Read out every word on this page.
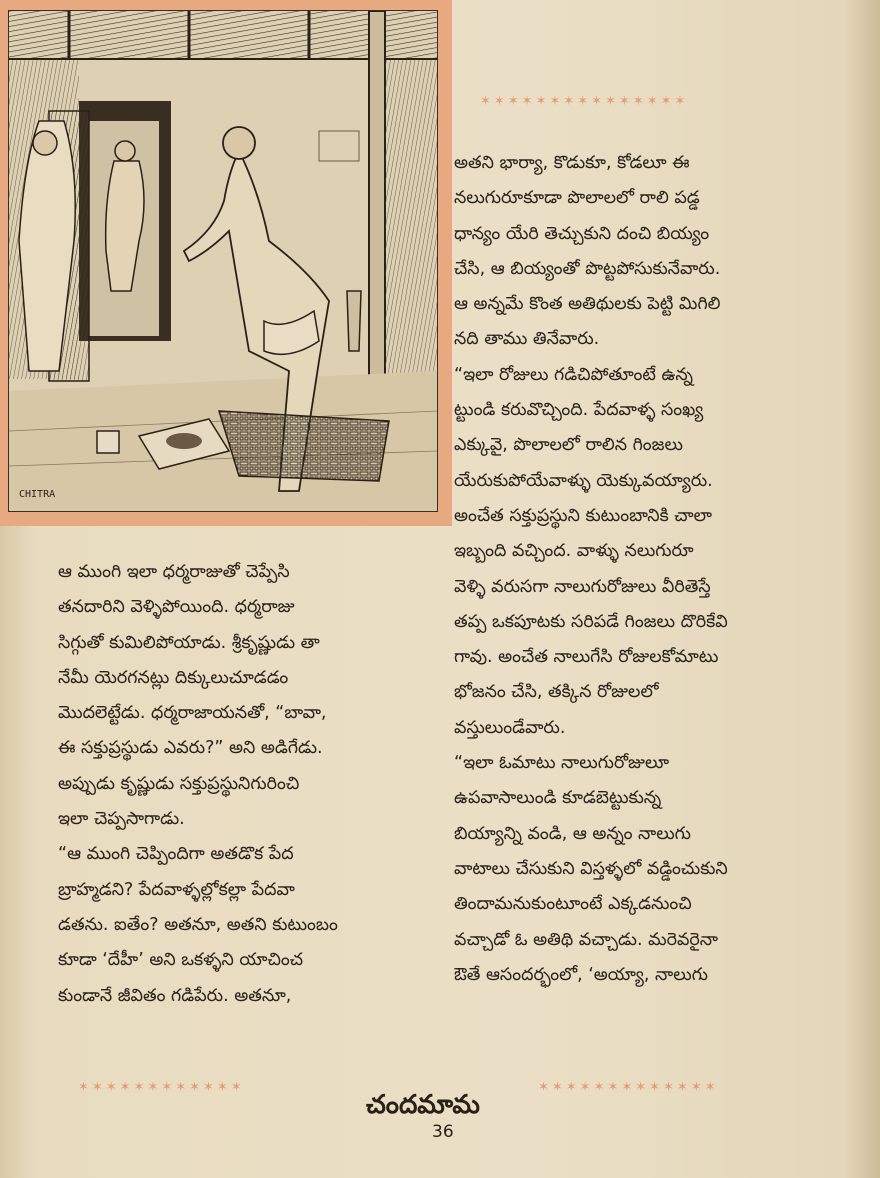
CHITRA
✶✶✶✶✶✶✶✶✶✶✶✶✶✶✶

అతని భార్యా, కొడుకూ, కోడలూ ఈ

నలుగురూకూడా పొలాలలో రాలి పడ్డ

ధాన్యం యేరి తెచ్చుకుని దంచి బియ్యం

చేసి, ఆ బియ్యంతో పొట్టపోసుకునేవారు.

ఆ అన్నమే కొంత అతిథులకు పెట్టి మిగిలి

నది తాము తినేవారు.

“ఇలా రోజులు గడిచిపోతూంటే ఉన్న

ట్టుండి కరువొచ్చింది. పేదవాళ్ళ సంఖ్య

ఎక్కువై, పొలాలలో రాలిన గింజలు

యేరుకుపోయేవాళ్ళు యెక్కువయ్యారు.

అంచేత సక్తుప్రస్థుని కుటుంబానికి చాలా

ఇబ్బంది వచ్చింద. వాళ్ళు నలుగురూ

వెళ్ళి వరుసగా నాలుగురోజులు వీరితెస్తే

తప్ప ఒకపూటకు సరిపడే గింజలు దొరికేవి

గావు. అంచేత నాలుగేసి రోజులకోమాటు

భోజనం చేసి, తక్కిన రోజులలో

వస్తులుండేవారు.

“ఇలా ఓమాటు నాలుగురోజులూ

ఉపవాసాలుండి కూడబెట్టుకున్న

బియ్యాన్ని వండి, ఆ అన్నం నాలుగు

వాటాలు చేసుకుని విస్తళ్ళలో వడ్డించుకుని

తిందామనుకుంటూంటే ఎక్కడనుంచి

వచ్చాడో ఓ అతిథి వచ్చాడు. మరెవరైనా

ఔతే ఆసందర్భంలో, ‘అయ్యా, నాలుగు

ఆ ముంగి ఇలా ధర్మరాజుతో చెప్పేసి

తనదారిని వెళ్ళిపోయింది. ధర్మరాజు

సిగ్గుతో కుమిలిపోయాడు. శ్రీకృష్ణుడు తా

నేమీ యెరగనట్లు దిక్కులుచూడడం

మొదలెట్టేడు. ధర్మరాజాయనతో, “బావా,

ఈ సక్తుప్రస్థుడు ఎవరు?” అని అడిగేడు.

అప్పుడు కృష్ణుడు సక్తుప్రస్థునిగురించి

ఇలా చెప్పసాగాడు.

“ఆ ముంగి చెప్పిందిగా అతడొక పేద

బ్రాహ్మడని? పేదవాళ్ళల్లోకల్లా పేదవా

డతను. ఐతేం? అతనూ, అతని కుటుంబం

కూడా ‘దేహీ’ అని ఒకళ్ళని యాచించ

కుండానే జీవితం గడిపేరు. అతనూ,

✶✶✶✶✶✶✶✶✶✶✶✶	✶✶✶✶✶✶✶✶✶✶✶✶✶
చందమామ
36
